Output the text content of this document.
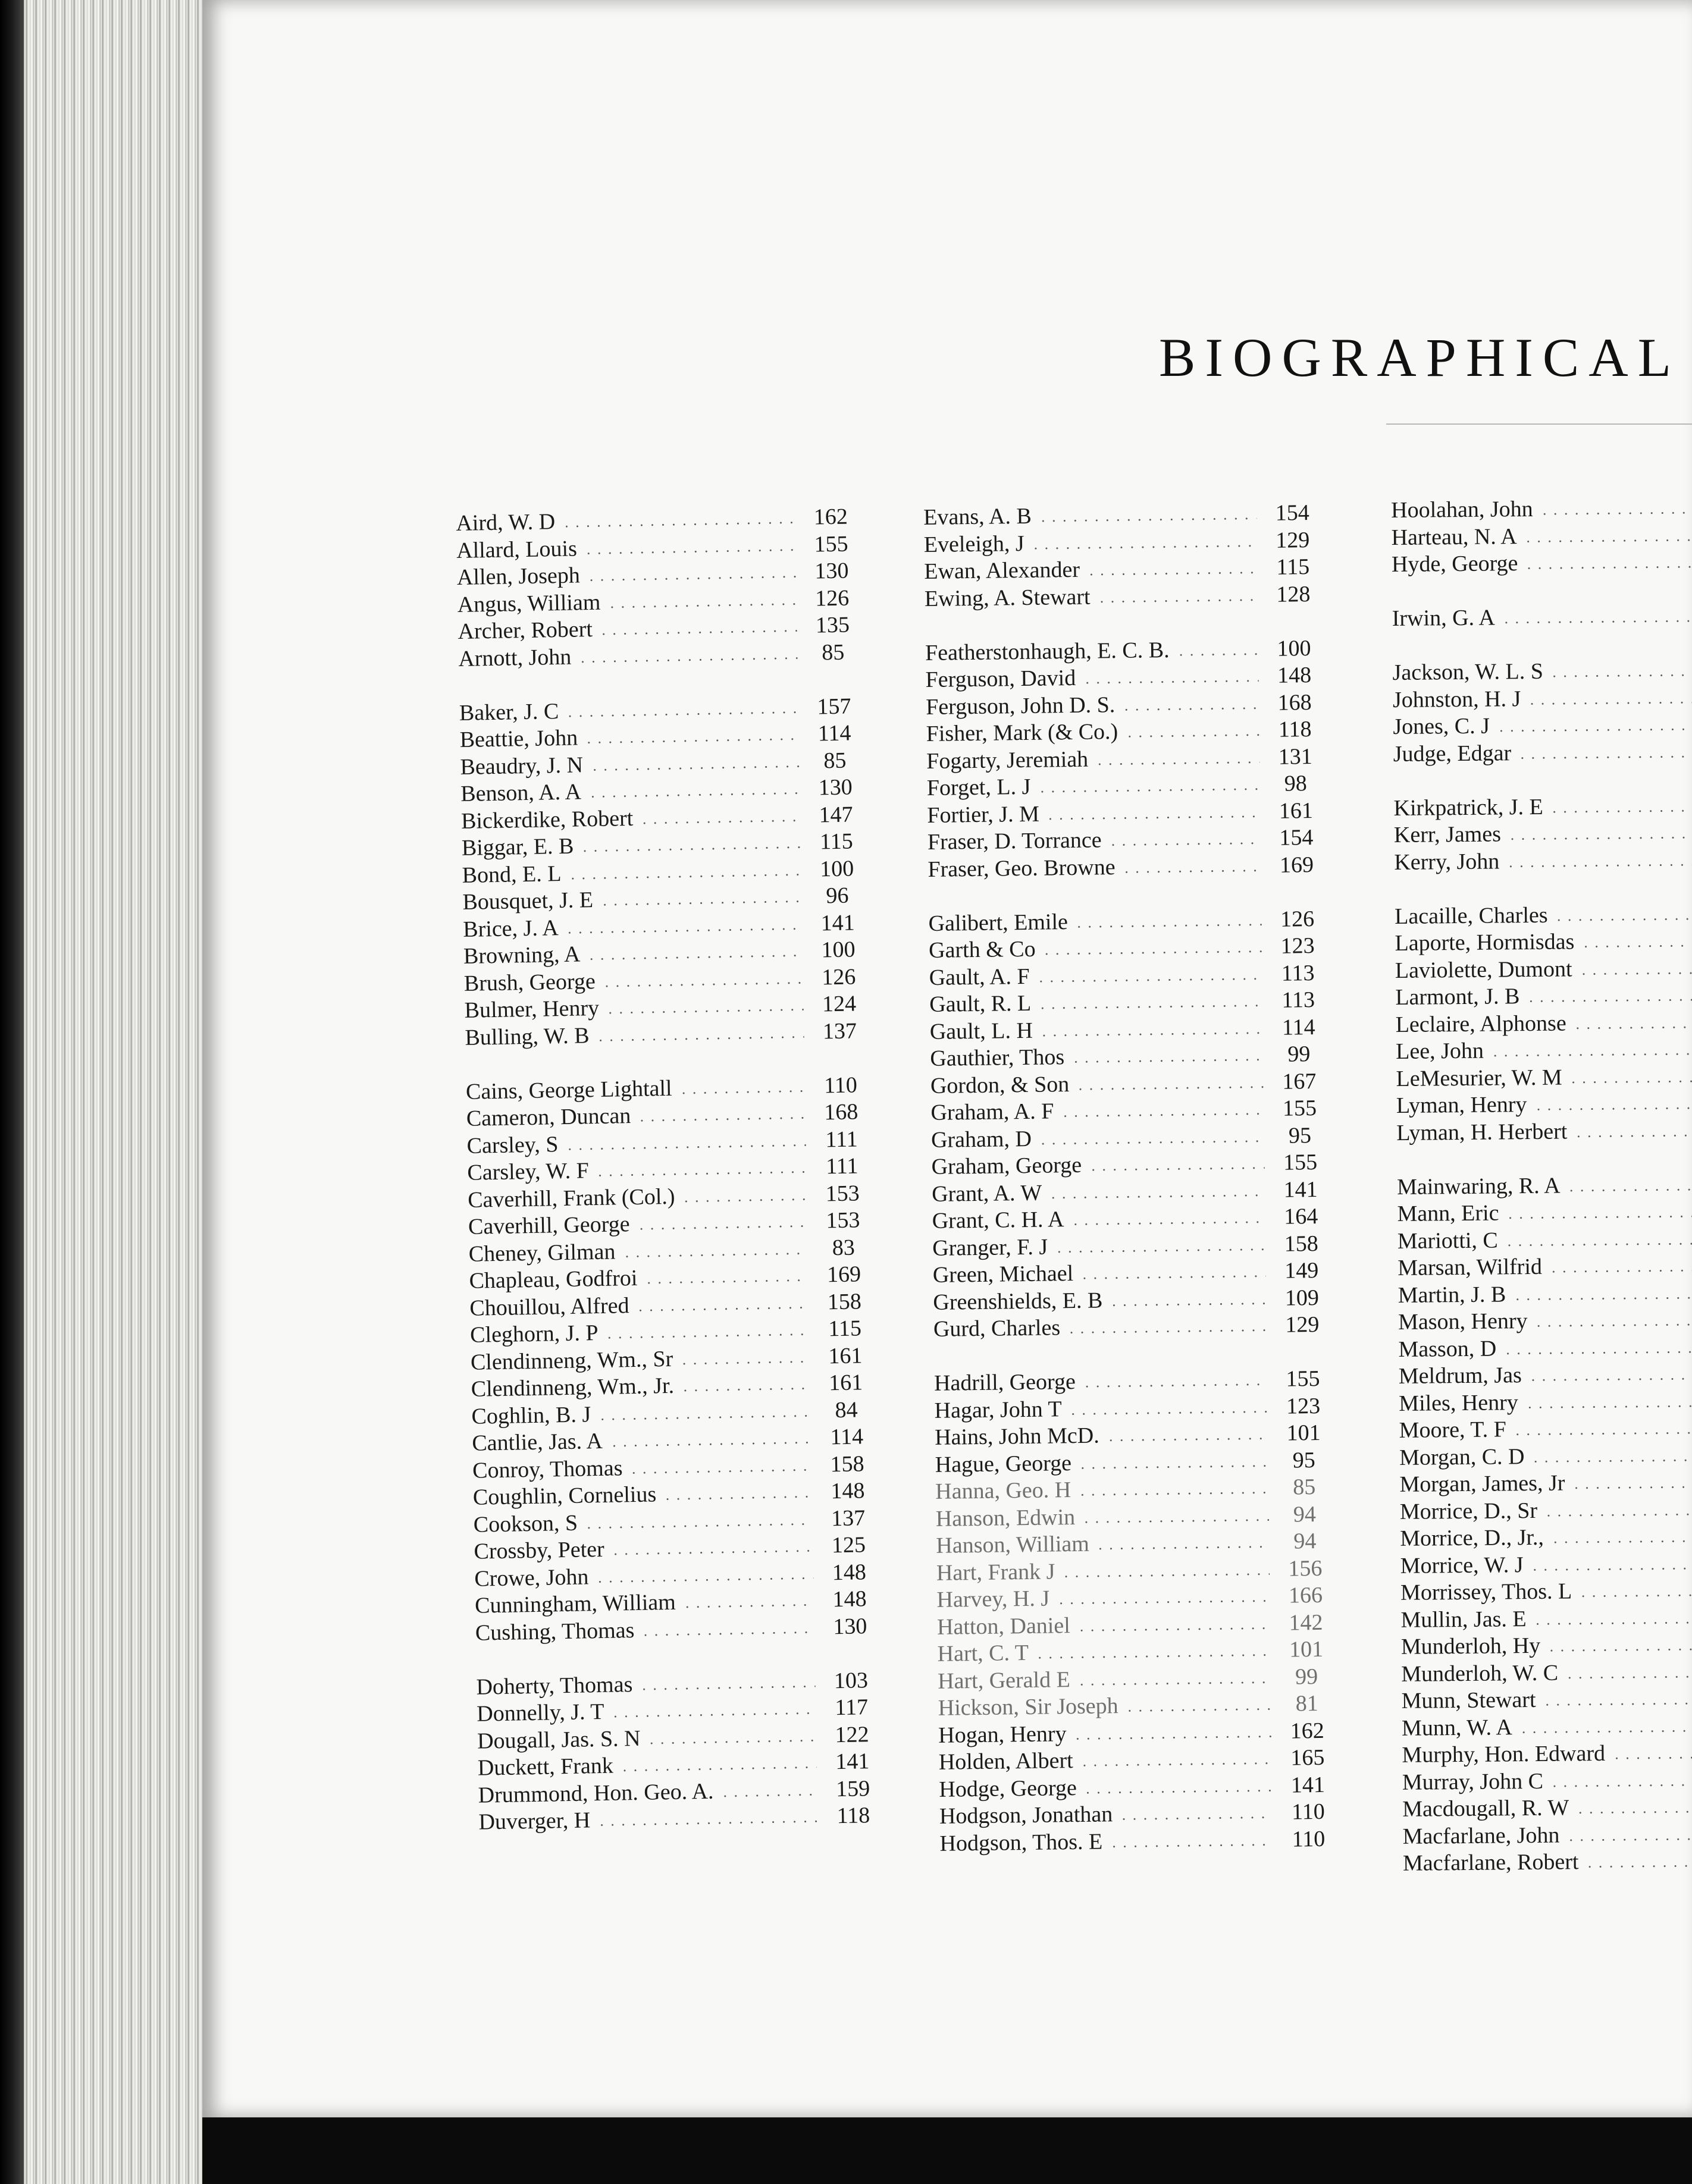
BIOGRAPHICAL
Aird, W. D	162
Allard, Louis	155
Allen, Joseph	130
Angus, William	126
Archer, Robert	135
Arnott, John	85
Baker, J. C	157
Beattie, John	114
Beaudry, J. N	85
Benson, A. A	130
Bickerdike, Robert	147
Biggar, E. B	115
Bond, E. L	100
Bousquet, J. E	96
Brice, J. A	141
Browning, A	100
Brush, George	126
Bulmer, Henry	124
Bulling, W. B	137
Cains, George Lightall	110
Cameron, Duncan	168
Carsley, S	111
Carsley, W. F	111
Caverhill, Frank (Col.)	153
Caverhill, George	153
Cheney, Gilman	83
Chapleau, Godfroi	169
Chouillou, Alfred	158
Cleghorn, J. P	115
Clendinneng, Wm., Sr	161
Clendinneng, Wm., Jr.	161
Coghlin, B. J	84
Cantlie, Jas. A	114
Conroy, Thomas	158
Coughlin, Cornelius	148
Cookson, S	137
Crossby, Peter	125
Crowe, John	148
Cunningham, William	148
Cushing, Thomas	130
Doherty, Thomas	103
Donnelly, J. T	117
Dougall, Jas. S. N	122
Duckett, Frank	141
Drummond, Hon. Geo. A.	159
Duverger, H	118
Evans, A. B	154
Eveleigh, J	129
Ewan, Alexander	115
Ewing, A. Stewart	128
Featherstonhaugh, E. C. B.	100
Ferguson, David	148
Ferguson, John D. S.	168
Fisher, Mark (& Co.)	118
Fogarty, Jeremiah	131
Forget, L. J	98
Fortier, J. M	161
Fraser, D. Torrance	154
Fraser, Geo. Browne	169
Galibert, Emile	126
Garth & Co	123
Gault, A. F	113
Gault, R. L	113
Gault, L. H	114
Gauthier, Thos	99
Gordon, & Son	167
Graham, A. F	155
Graham, D	95
Graham, George	155
Grant, A. W	141
Grant, C. H. A	164
Granger, F. J	158
Green, Michael	149
Greenshields, E. B	109
Gurd, Charles	129
Hadrill, George	155
Hagar, John T	123
Hains, John McD.	101
Hague, George	95
Hanna, Geo. H	85
Hanson, Edwin	94
Hanson, William	94
Hart, Frank J	156
Harvey, H. J	166
Hatton, Daniel	142
Hart, C. T	101
Hart, Gerald E	99
Hickson, Sir Joseph	81
Hogan, Henry	162
Holden, Albert	165
Hodge, George	141
Hodgson, Jonathan	110
Hodgson, Thos. E	110
Hoolahan, John
Harteau, N. A
Hyde, George
Irwin, G. A
Jackson, W. L. S
Johnston, H. J
Jones, C. J
Judge, Edgar
Kirkpatrick, J. E
Kerr, James
Kerry, John
Lacaille, Charles
Laporte, Hormisdas
Laviolette, Dumont
Larmont, J. B
Leclaire, Alphonse
Lee, John
LeMesurier, W. M
Lyman, Henry
Lyman, H. Herbert
Mainwaring, R. A
Mann, Eric
Mariotti, C
Marsan, Wilfrid
Martin, J. B
Mason, Henry
Masson, D
Meldrum, Jas
Miles, Henry
Moore, T. F
Morgan, C. D
Morgan, James, Jr
Morrice, D., Sr
Morrice, D., Jr.,
Morrice, W. J
Morrissey, Thos. L
Mullin, Jas. E
Munderloh, Hy
Munderloh, W. C
Munn, Stewart
Munn, W. A
Murphy, Hon. Edward
Murray, John C
Macdougall, R. W
Macfarlane, John
Macfarlane, Robert
